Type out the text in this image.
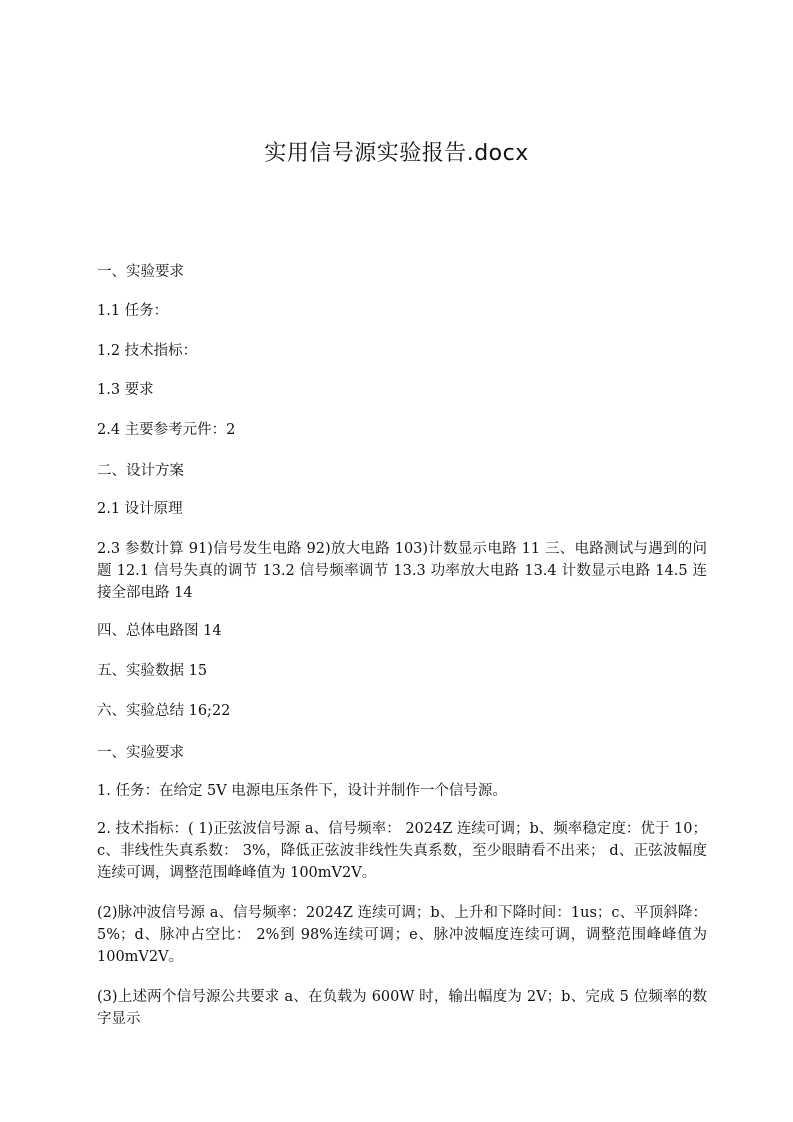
实用信号源实验报告.docx

一、实验要求

1.1 任务：

1.2 技术指标：

1.3 要求

2.4 主要参考元件：2

二、设计方案

2.1 设计原理

2.3 参数计算 91)信号发生电路 92)放大电路 103)计数显示电路 11 三、电路测试与遇到的问题 12.1 信号失真的调节 13.2 信号频率调节 13.3 功率放大电路 13.4 计数显示电路 14.5 连接全部电路 14

四、总体电路图 14

五、实验数据 15

六、实验总结 16;22

一、实验要求

1. 任务：在给定 5V 电源电压条件下，设计并制作一个信号源。

2. 技术指标：( 1)正弦波信号源 a、信号频率： 2024Z 连续可调；b、频率稳定度：优于 10；c、非线性失真系数： 3%，降低正弦波非线性失真系数，至少眼睛看不出来； d、正弦波幅度连续可调，调整范围峰峰值为 100mV2V。

(2)脉冲波信号源 a、信号频率：2024Z 连续可调；b、上升和下降时间：1us；c、平顶斜降：5%；d、脉冲占空比： 2%到 98%连续可调；e、脉冲波幅度连续可调，调整范围峰峰值为 100mV2V。

(3)上述两个信号源公共要求 a、在负载为 600W 时，输出幅度为 2V；b、完成 5 位频率的数字显示
